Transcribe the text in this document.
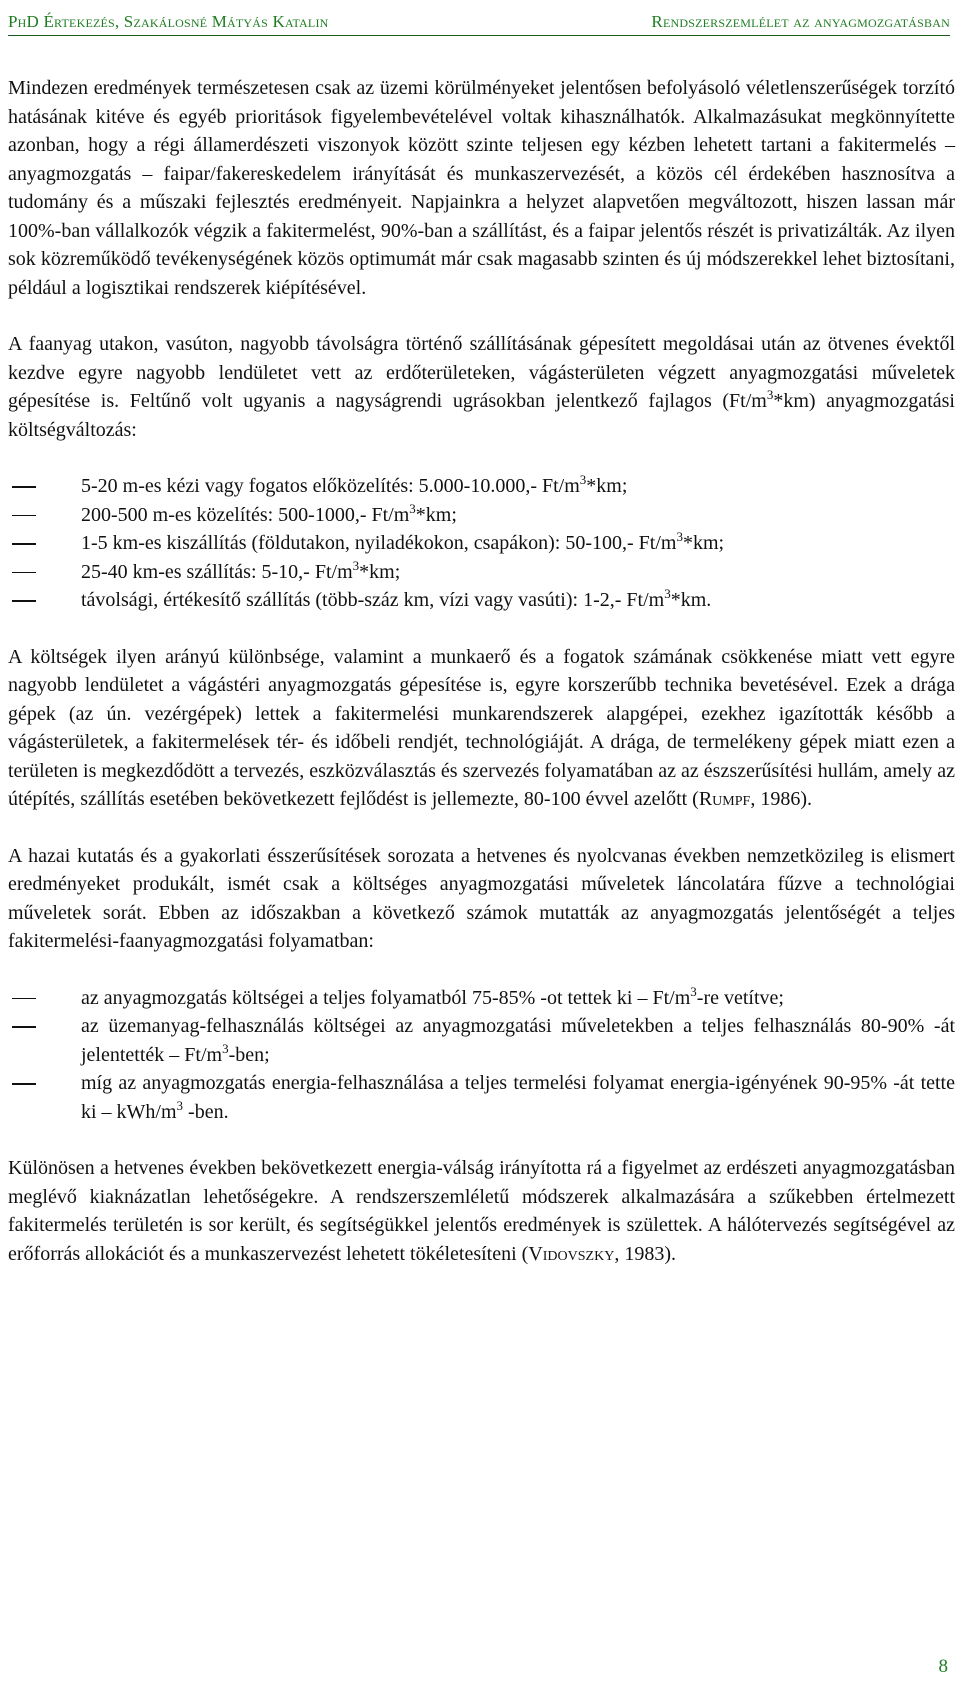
PhD Értekezés, Szakálosné Mátyás Katalin	Rendszerszemlélet az anyagmozgatásban

Mindezen eredmények természetesen csak az üzemi körülményeket jelentősen befolyásoló véletlenszerűségek torzító hatásának kitéve és egyéb prioritások figyelembevételével voltak kihasználhatók. Alkalmazásukat megkönnyítette azonban, hogy a régi államerdészeti viszonyok között szinte teljesen egy kézben lehetett tartani a fakitermelés – anyagmozgatás – faipar/fakereskedelem irányítását és munkaszervezését, a közös cél érdekében hasznosítva a tudomány és a műszaki fejlesztés eredményeit. Napjainkra a helyzet alapvetően megváltozott, hiszen lassan már 100%-ban vállalkozók végzik a fakitermelést, 90%-ban a szállítást, és a faipar jelentős részét is privatizálták. Az ilyen sok közreműködő tevékenységének közös optimumát már csak magasabb szinten és új módszerekkel lehet biztosítani, például a logisztikai rendszerek kiépítésével.

A faanyag utakon, vasúton, nagyobb távolságra történő szállításának gépesített megoldásai után az ötvenes évektől kezdve egyre nagyobb lendületet vett az erdőterületeken, vágásterületen végzett anyagmozgatási műveletek gépesítése is. Feltűnő volt ugyanis a nagyságrendi ugrásokban jelentkező fajlagos $(Ft/m^3*km)$ anyagmozgatási költségváltozás:

5-20 m-es kézi vagy fogatos előközelítés: 5.000-10.000,- $Ft/m^3*km$;
200-500 m-es közelítés: 500-1000,- $Ft/m^3*km$;
1-5 km-es kiszállítás (földutakon, nyiladékokon, csapákon): 50-100,- $Ft/m^3*km$;
25-40 km-es szállítás: 5-10,- $Ft/m^3*km$;
távolsági, értékesítő szállítás (több-száz km, vízi vagy vasúti): 1-2,- $Ft/m^3*km$.

A költségek ilyen arányú különbsége, valamint a munkaerő és a fogatok számának csökkenése miatt vett egyre nagyobb lendületet a vágástéri anyagmozgatás gépesítése is, egyre korszerűbb technika bevetésével. Ezek a drága gépek (az ún. vezérgépek) lettek a fakitermelési munkarendszerek alapgépei, ezekhez igazították később a vágásterületek, a fakitermelések tér- és időbeli rendjét, technológiáját. A drága, de termelékeny gépek miatt ezen a területen is megkezdődött a tervezés, eszközválasztás és szervezés folyamatában az az észszerűsítési hullám, amely az útépítés, szállítás esetében bekövetkezett fejlődést is jellemezte, 80-100 évvel azelőtt (Rumpf, 1986).

A hazai kutatás és a gyakorlati ésszerűsítések sorozata a hetvenes és nyolcvanas években nemzetközileg is elismert eredményeket produkált, ismét csak a költséges anyagmozgatási műveletek láncolatára fűzve a technológiai műveletek sorát. Ebben az időszakban a következő számok mutatták az anyagmozgatás jelentőségét a teljes fakitermelési-faanyagmozgatási folyamatban:

az anyagmozgatás költségei a teljes folyamatból 75-85% -ot tettek ki – $Ft/m^3-re$ vetítve;
az üzemanyag-felhasználás költségei az anyagmozgatási műveletekben a teljes felhasználás 80-90% -át jelentették – $Ft/m^3$-ben;
míg az anyagmozgatás energia-felhasználása a teljes termelési folyamat energia-igényének 90-95% -át tette ki – kWh/$m^3$ -ben.

Különösen a hetvenes években bekövetkezett energia-válság irányította rá a figyelmet az erdészeti anyagmozgatásban meglévő kiaknázatlan lehetőségekre. A rendszerszemléletű módszerek alkalmazására a szűkebben értelmezett fakitermelés területén is sor került, és segítségükkel jelentős eredmények is születtek. A hálótervezés segítségével az erőforrás allokációt és a munkaszervezést lehetett tökéletesíteni (Vidovszky, 1983).

8
